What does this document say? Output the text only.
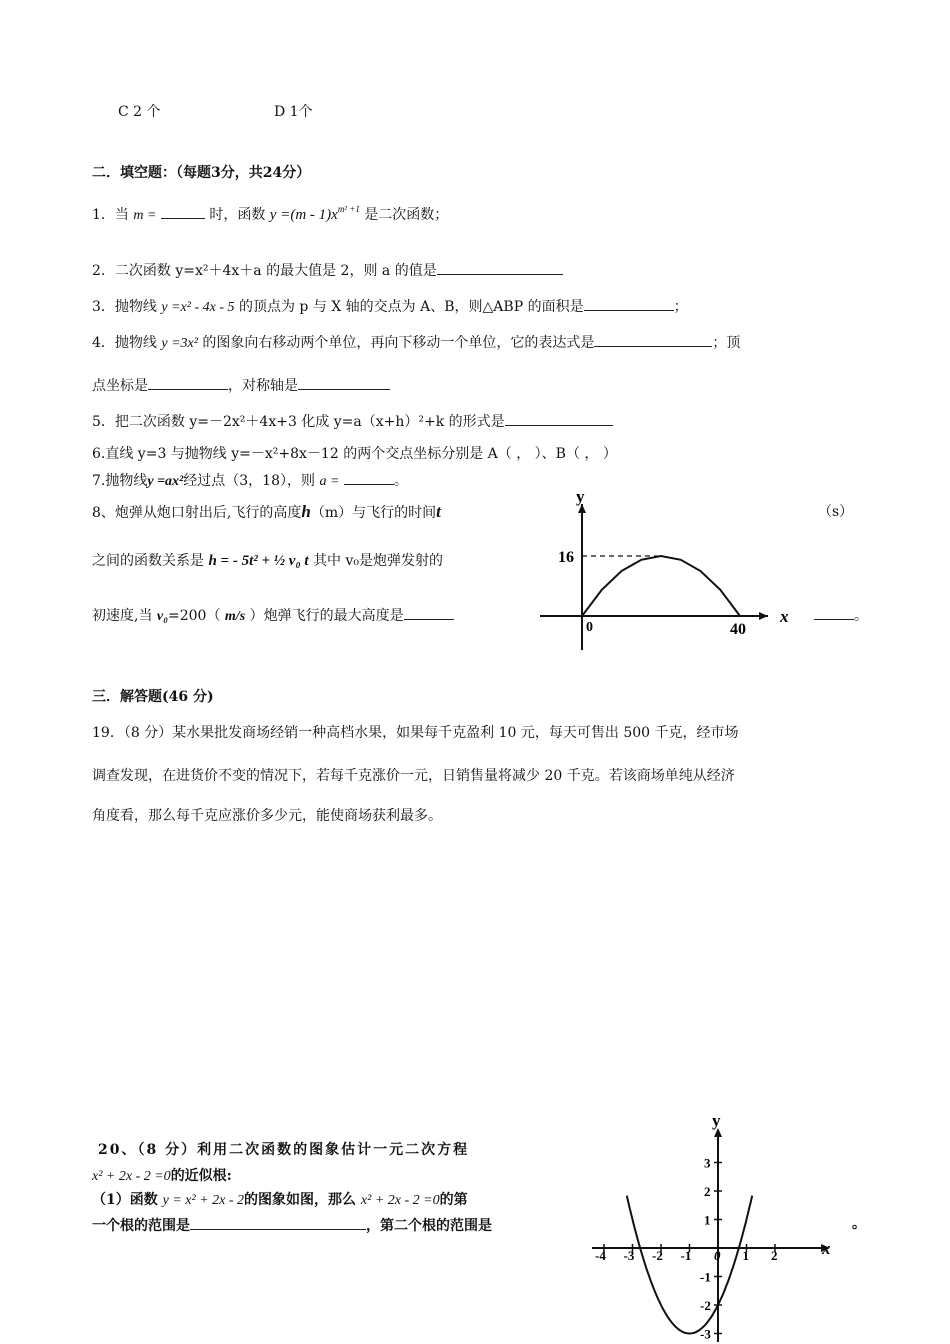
C 2 个	D 1个
二．填空题：（每题3分，共24分）
1．当 m =	时，函数 $y =(m - 1)x^{m^2 +1}$ 是二次函数；
2．二次函数 y=x²＋4x＋a 的最大值是 2，则 a 的值是
3．抛物线 y =x² - 4x - 5 的顶点为 p 与 X 轴的交点为 A、B，则△ABP 的面积是	；
4．抛物线 y =3x² 的图象向右移动两个单位，再向下移动一个单位，它的表达式是	；顶
点坐标是	，对称轴是
5．把二次函数 y=－2x²＋4x+3 化成 y=a（x+h）²+k 的形式是
6.直线 y=3 与抛物线 y=－x²+8x－12 的两个交点坐标分别是 A（ ， ）、B（ ， ）
7.抛物线y =ax²经过点（3，18），则 a =	。
8、炮弹从炮口射出后,飞行的高度h（m）与飞行的时间t	（s）
之间的函数关系是 h = - 5t² + ½ v₀ t 其中 v₀是炮弹发射的
初速度,当 v₀=200（ m/s ）炮弹飞行的最大高度是	。
y
x
0	40
16
三．解答题(46 分)
19．（8 分）某水果批发商场经销一种高档水果，如果每千克盈利 10 元，每天可售出 500 千克，经市场
调查发现，在进货价不变的情况下，若每千克涨价一元，日销售量将减少 20 千克。若该商场单纯从经济
角度看，那么每千克应涨价多少元，能使商场获利最多。
20、（8 分）利用二次函数的图象估计一元二次方程
x² + 2x - 2 =0的近似根:
（1）函数 y = x² + 2x - 2的图象如图，那么 x² + 2x - 2 =0的第
一个根的范围是	，第二个根的范围是	。
y
x
-4 -3 -2 -1 0 1 2
3
2
1
-1
-2
-3
